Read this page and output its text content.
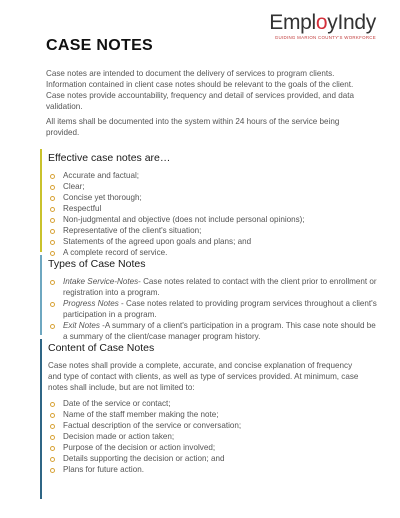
Empl o yIndy
GUIDING MARION COUNTY'S WORKFORCE
CASE NOTES

Case notes are intended to document the delivery of services to program clients. Information contained in client case notes should be relevant to the goals of the client. Case notes provide accountability, frequency and detail of services provided, and data validation.

All items shall be documented into the system within 24 hours of the service being provided.

Effective case notes are…
Accurate and factual;
Clear;
Concise yet thorough;
Respectful
Non-judgmental and objective (does not include personal opinions);
Representative of the client's situation;
Statements of the agreed upon goals and plans; and
A complete record of service.
Types of Case Notes
Intake Service-Notes- Case notes related to contact with the client prior to enrollment or registration into a program.
Progress Notes - Case notes related to providing program services throughout a client's participation in a program.
Exit Notes -A summary of a client's participation in a program. This case note should be a summary of the client/case manager program history.
Content of Case Notes

Case notes shall provide a complete, accurate, and concise explanation of frequency and type of contact with clients, as well as type of services provided. At minimum, case notes shall include, but are not limited to:

Date of the service or contact;
Name of the staff member making the note;
Factual description of the service or conversation;
Decision made or action taken;
Purpose of the decision or action involved;
Details supporting the decision or action; and
Plans for future action.
